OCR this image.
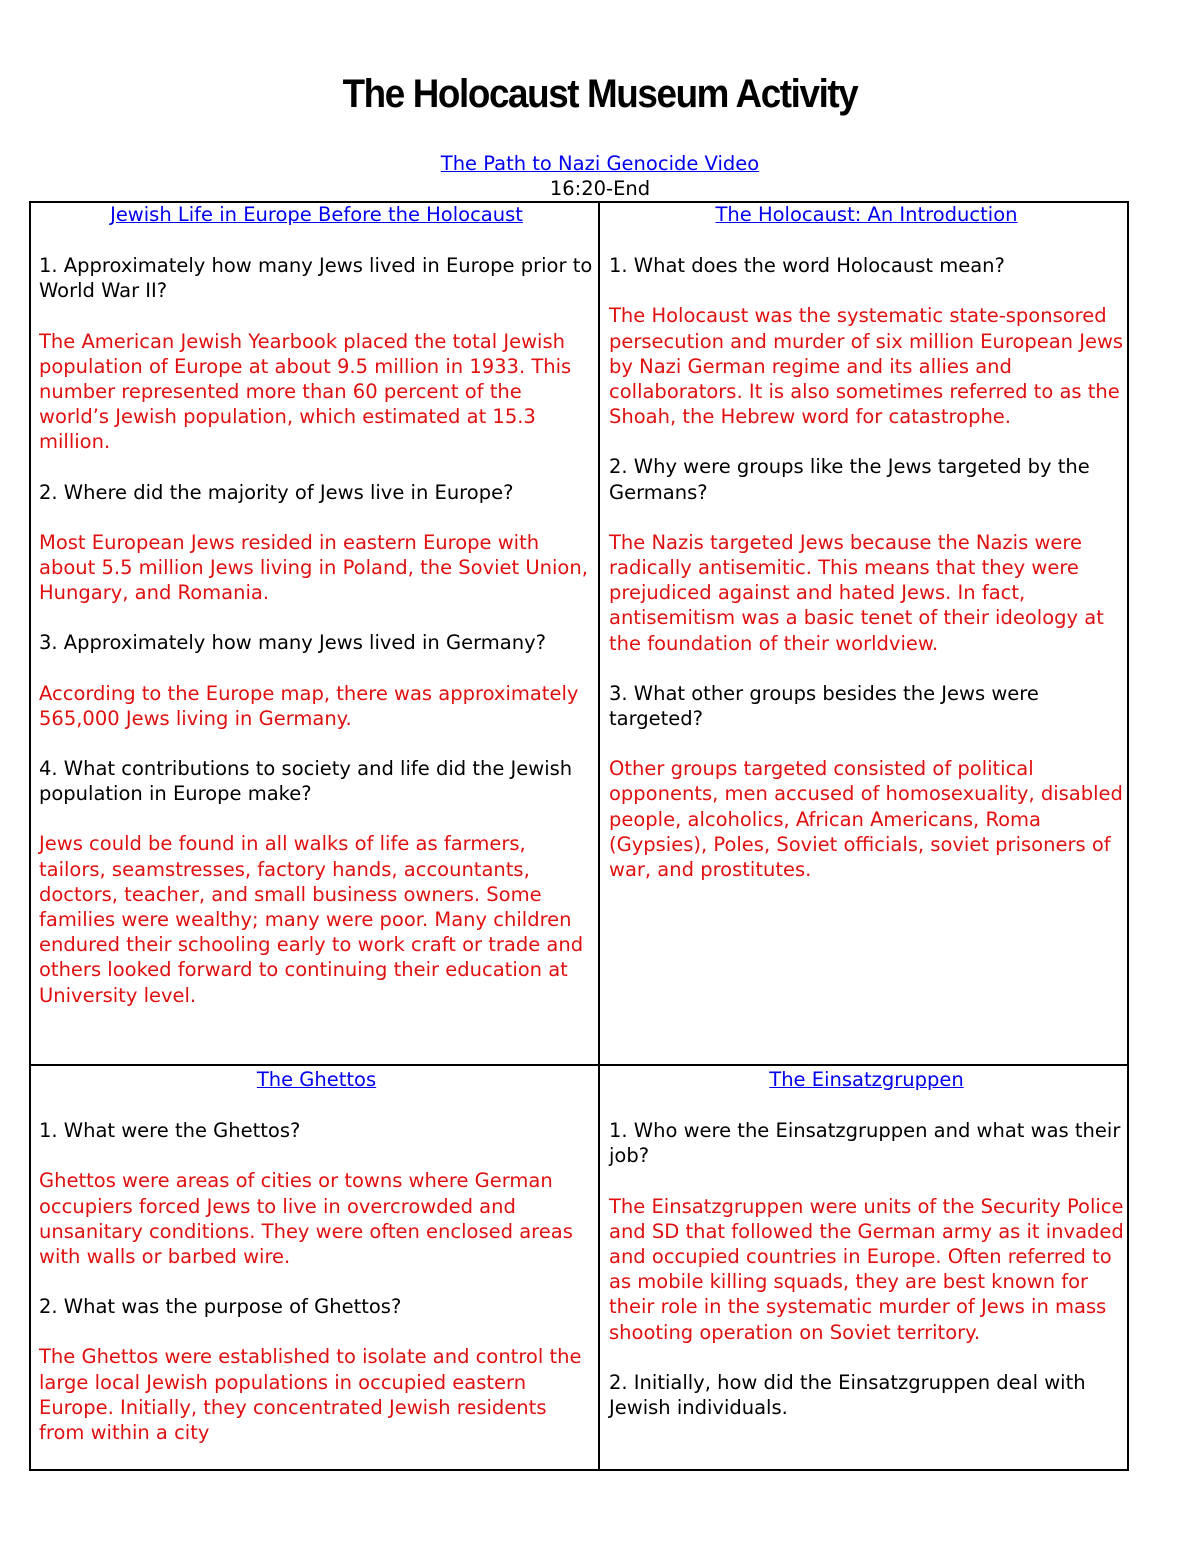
The Holocaust Museum Activity
The Path to Nazi Genocide Video
16:20-End
Jewish Life in Europe Before the Holocaust
1. Approximately how many Jews lived in Europe prior to World War II?
The American Jewish Yearbook placed the total Jewish population of Europe at about 9.5 million in 1933. This number represented more than 60 percent of the world’s Jewish population, which estimated at 15.3 million.
2. Where did the majority of Jews live in Europe?
Most European Jews resided in eastern Europe with about 5.5 million Jews living in Poland, the Soviet Union, Hungary, and Romania.
3. Approximately how many Jews lived in Germany?
According to the Europe map, there was approximately 565,000 Jews living in Germany.
4. What contributions to society and life did the Jewish population in Europe make?
Jews could be found in all walks of life as farmers, tailors, seamstresses, factory hands, accountants, doctors, teacher, and small business owners. Some families were wealthy; many were poor. Many children endured their schooling early to work craft or trade and others looked forward to continuing their education at University level.
The Holocaust: An Introduction
1. What does the word Holocaust mean?
The Holocaust was the systematic state-sponsored persecution and murder of six million European Jews by Nazi German regime and its allies and collaborators. It is also sometimes referred to as the Shoah, the Hebrew word for catastrophe.
2. Why were groups like the Jews targeted by the Germans?
The Nazis targeted Jews because the Nazis were radically antisemitic. This means that they were prejudiced against and hated Jews. In fact, antisemitism was a basic tenet of their ideology at the foundation of their worldview.
3. What other groups besides the Jews were targeted?
Other groups targeted consisted of political opponents, men accused of homosexuality, disabled people, alcoholics, African Americans, Roma (Gypsies), Poles, Soviet officials, soviet prisoners of war, and prostitutes.
The Ghettos
1. What were the Ghettos?
Ghettos were areas of cities or towns where German occupiers forced Jews to live in overcrowded and unsanitary conditions. They were often enclosed areas with walls or barbed wire.
2. What was the purpose of Ghettos?
The Ghettos were established to isolate and control the large local Jewish populations in occupied eastern Europe. Initially, they concentrated Jewish residents from within a city
The Einsatzgruppen
1. Who were the Einsatzgruppen and what was their job?
The Einsatzgruppen were units of the Security Police and SD that followed the German army as it invaded and occupied countries in Europe. Often referred to as mobile killing squads, they are best known for their role in the systematic murder of Jews in mass shooting operation on Soviet territory.
2. Initially, how did the Einsatzgruppen deal with Jewish individuals.
